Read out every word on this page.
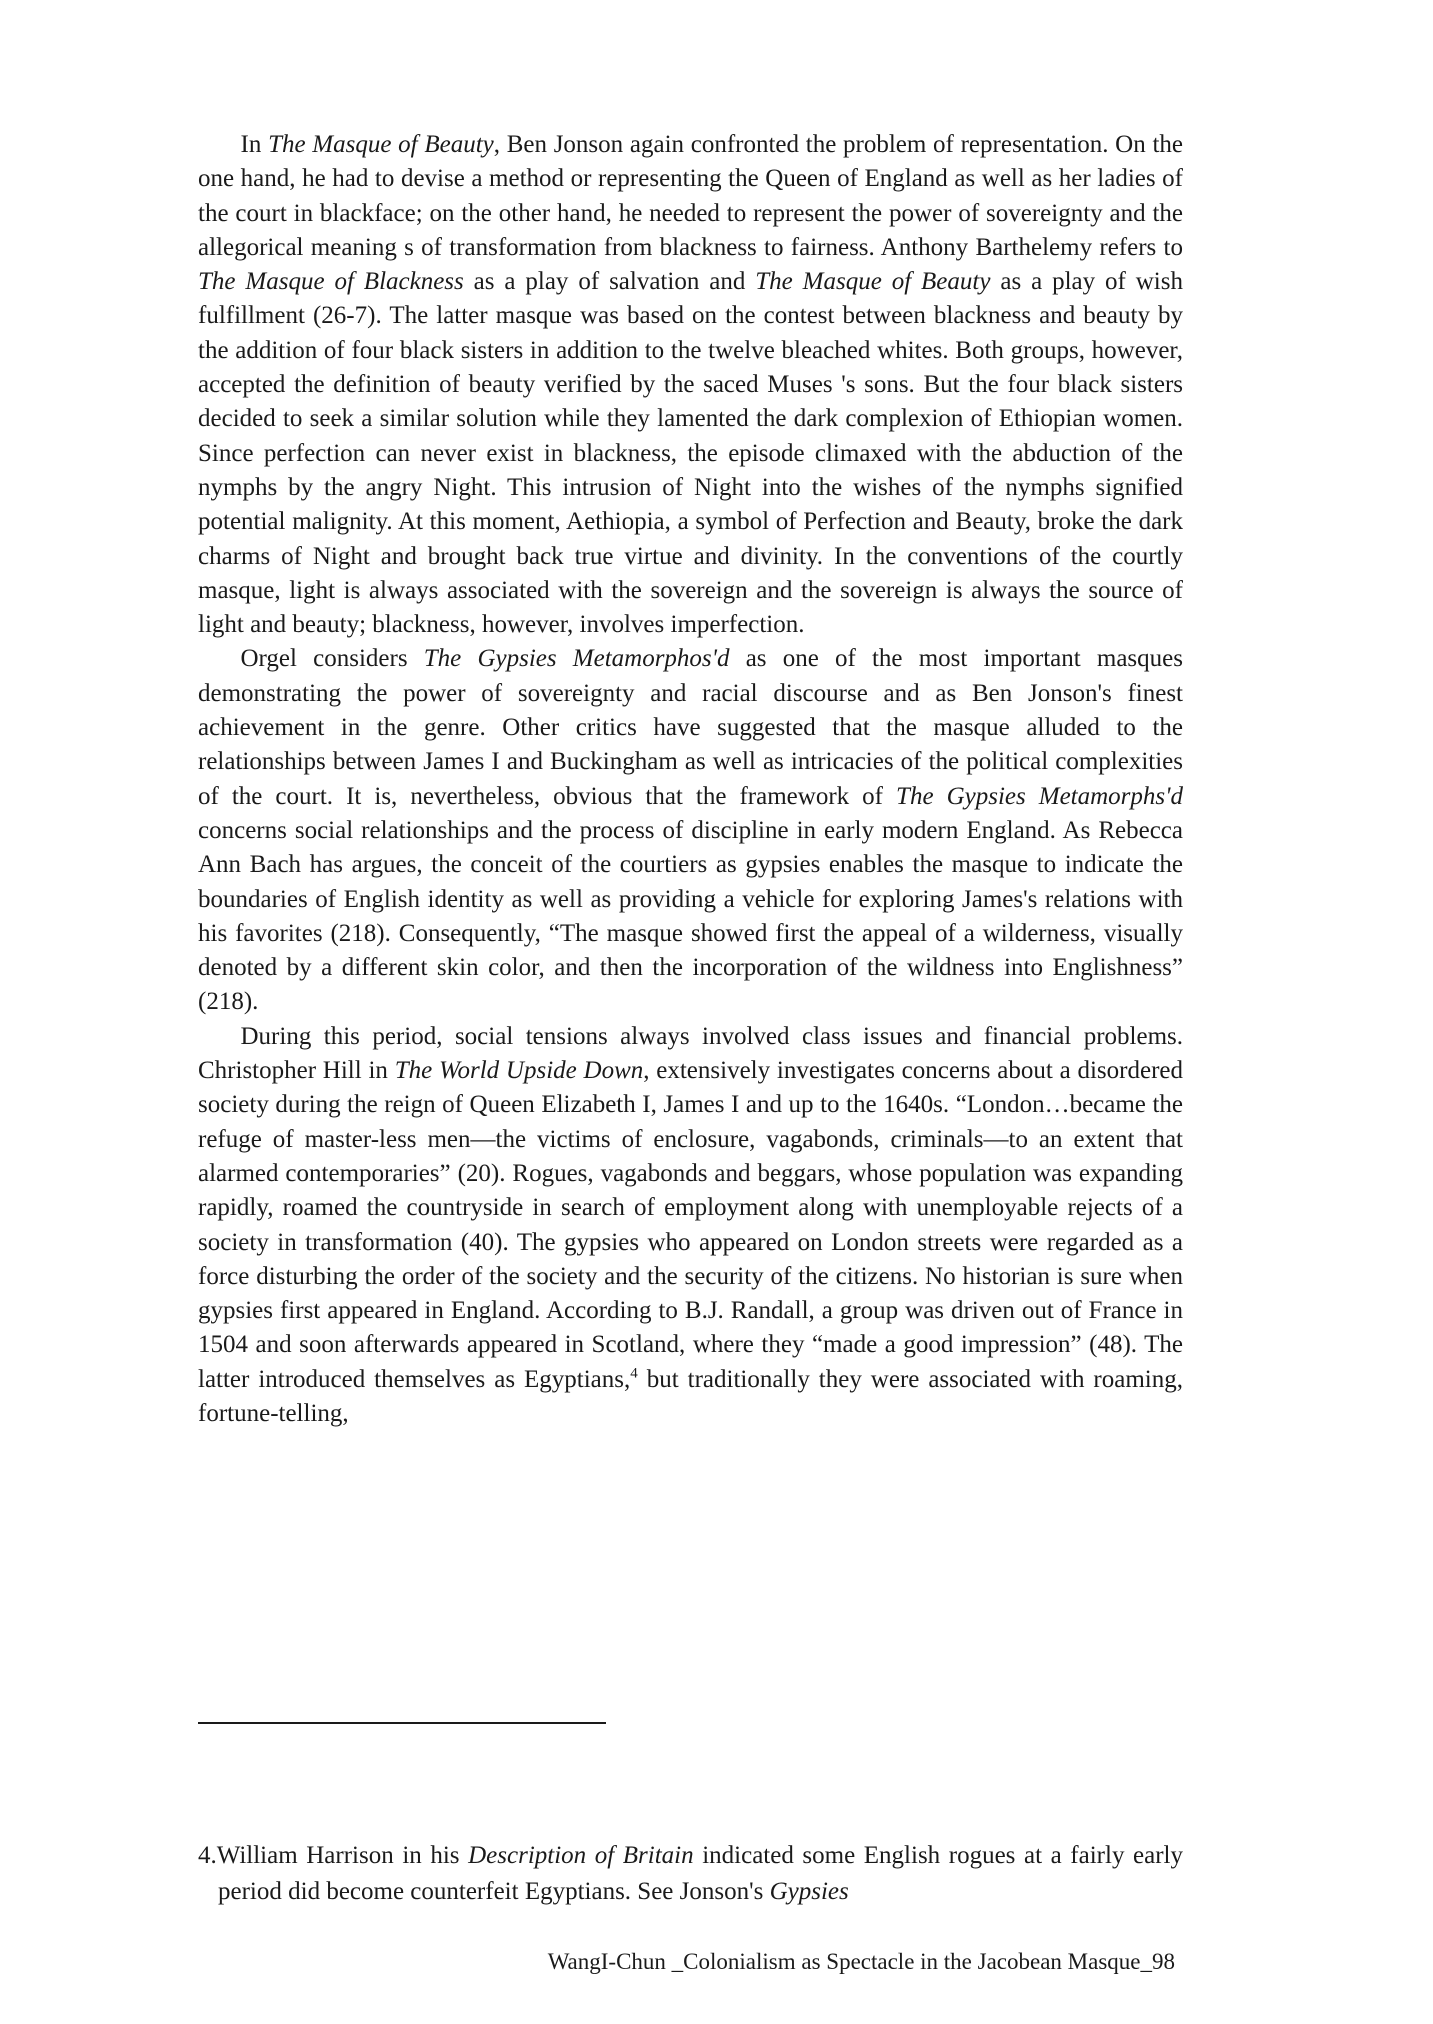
In The Masque of Beauty, Ben Jonson again confronted the problem of representation. On the one hand, he had to devise a method or representing the Queen of England as well as her ladies of the court in blackface; on the other hand, he needed to represent the power of sovereignty and the allegorical meaning s of transformation from blackness to fairness. Anthony Barthelemy refers to The Masque of Blackness as a play of salvation and The Masque of Beauty as a play of wish fulfillment (26-7). The latter masque was based on the contest between blackness and beauty by the addition of four black sisters in addition to the twelve bleached whites. Both groups, however, accepted the definition of beauty verified by the saced Muses 's sons. But the four black sisters decided to seek a similar solution while they lamented the dark complexion of Ethiopian women. Since perfection can never exist in blackness, the episode climaxed with the abduction of the nymphs by the angry Night. This intrusion of Night into the wishes of the nymphs signified potential malignity. At this moment, Aethiopia, a symbol of Perfection and Beauty, broke the dark charms of Night and brought back true virtue and divinity. In the conventions of the courtly masque, light is always associated with the sovereign and the sovereign is always the source of light and beauty; blackness, however, involves imperfection.

Orgel considers The Gypsies Metamorphos'd as one of the most important masques demonstrating the power of sovereignty and racial discourse and as Ben Jonson's finest achievement in the genre. Other critics have suggested that the masque alluded to the relationships between James I and Buckingham as well as intricacies of the political complexities of the court. It is, nevertheless, obvious that the framework of The Gypsies Metamorphs'd concerns social relationships and the process of discipline in early modern England. As Rebecca Ann Bach has argues, the conceit of the courtiers as gypsies enables the masque to indicate the boundaries of English identity as well as providing a vehicle for exploring James's relations with his favorites (218). Consequently, “The masque showed first the appeal of a wilderness, visually denoted by a different skin color, and then the incorporation of the wildness into Englishness” (218).

During this period, social tensions always involved class issues and financial problems. Christopher Hill in The World Upside Down, extensively investigates concerns about a disordered society during the reign of Queen Elizabeth I, James I and up to the 1640s. “London…became the refuge of master-less men—the victims of enclosure, vagabonds, criminals—to an extent that alarmed contemporaries” (20). Rogues, vagabonds and beggars, whose population was expanding rapidly, roamed the countryside in search of employment along with unemployable rejects of a society in transformation (40). The gypsies who appeared on London streets were regarded as a force disturbing the order of the society and the security of the citizens. No historian is sure when gypsies first appeared in England. According to B.J. Randall, a group was driven out of France in 1504 and soon afterwards appeared in Scotland, where they “made a good impression” (48). The latter introduced themselves as Egyptians,$^4$ but traditionally they were associated with roaming, fortune-telling,

4.William Harrison in his Description of Britain indicated some English rogues at a fairly early period did become counterfeit Egyptians. See Jonson's Gypsies

WangI-Chun _Colonialism as Spectacle in the Jacobean Masque_98
